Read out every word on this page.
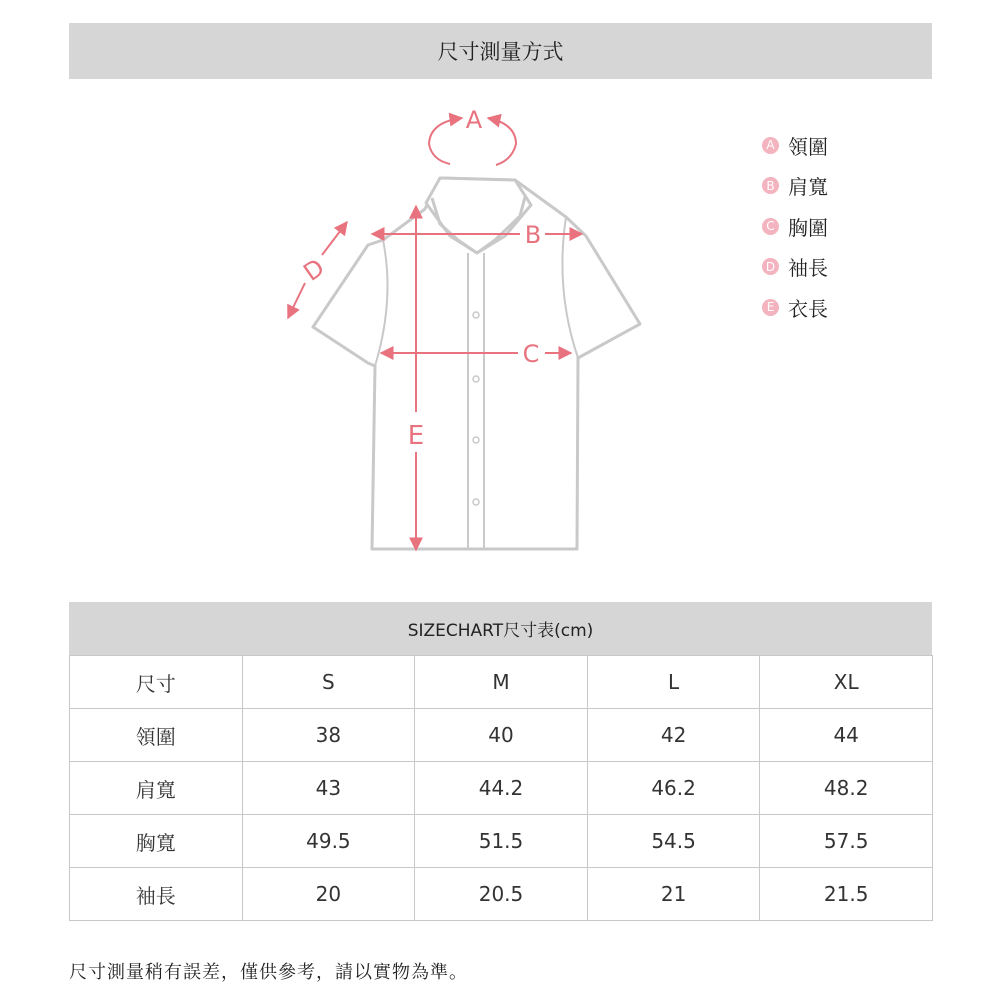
尺寸測量方式
A
B
C
D
E
A 領圍
B 肩寬
C 胸圍
D 袖長
E 衣長
SIZECHART尺寸表(cm)
尺寸	S	M	L	XL
領圍	38	40	42	44
肩寬	43	44.2	46.2	48.2
胸寬	49.5	51.5	54.5	57.5
袖長	20	20.5	21	21.5
尺寸測量稍有誤差，僅供參考，請以實物為準。
